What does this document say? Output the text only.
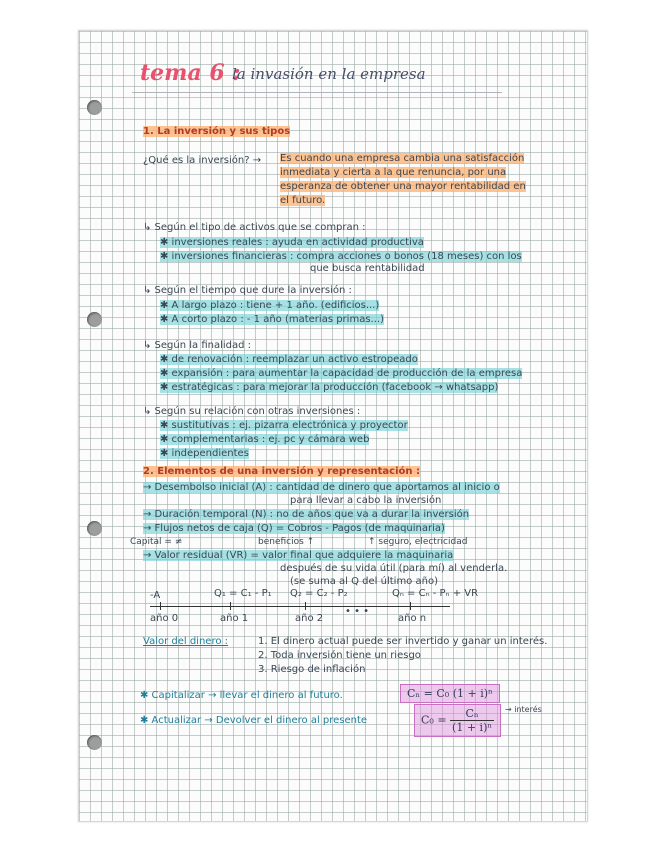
tema 6 :
la invasión en la empresa
1. La inversión y sus tipos
¿Qué es la inversión? → Es cuando una empresa cambia una satisfacción
inmediata y cierta a la que renuncia, por una
esperanza de obtener una mayor rentabilidad en
el futuro.
↳ Según el tipo de activos que se compran :
✱ inversiones reales : ayuda en actividad productiva
✱ inversiones financieras : compra acciones o bonos (18 meses) con los
que busca rentabilidad
↳ Según el tiempo que dure la inversión :
✱ A largo plazo : tiene + 1 año. (edificios...)
✱ A corto plazo : - 1 año (materias primas...)
↳ Según la finalidad :
✱ de renovación : reemplazar un activo estropeado
✱ expansión : para aumentar la capacidad de producción de la empresa
✱ estratégicas : para mejorar la producción (facebook → whatsapp)
↳ Según su relación con otras inversiones :
✱ sustitutivas : ej. pizarra electrónica y proyector
✱ complementarias : ej. pc y cámara web
✱ independientes
2. Elementos de una inversión y representación :
→ Desembolso inicial (A) : cantidad de dinero que aportamos al inicio o
para llevar a cabo la inversión
→ Duración temporal (N) : no de años que va a durar la inversión
→ Flujos netos de caja (Q) = Cobros - Pagos (de maquinaria)
Capital = ≠	beneficios ↑	↑ seguro, electricidad
→ Valor residual (VR) = valor final que adquiere la maquinaria
después de su vida útil (para mí) al venderla.
(se suma al Q del último año)
-A	Q₁ = C₁ - P₁ Q₂ = C₂ - P₂
• • •
Qₙ = Cₙ - Pₙ + VR
año 0	año 1	año 2	año n
Valor del dinero :	1. El dinero actual puede ser invertido y ganar un interés.
2. Toda inversión tiene un riesgo
3. Riesgo de inflación
✱ Capitalizar → llevar el dinero al futuro.	Cₙ = C₀ (1 + i)ⁿ
✱ Actualizar → Devolver el dinero al presente	$C_0 = \frac{\text{Cₙ}}{\text{(1 + i)ⁿ}}$ → interés
